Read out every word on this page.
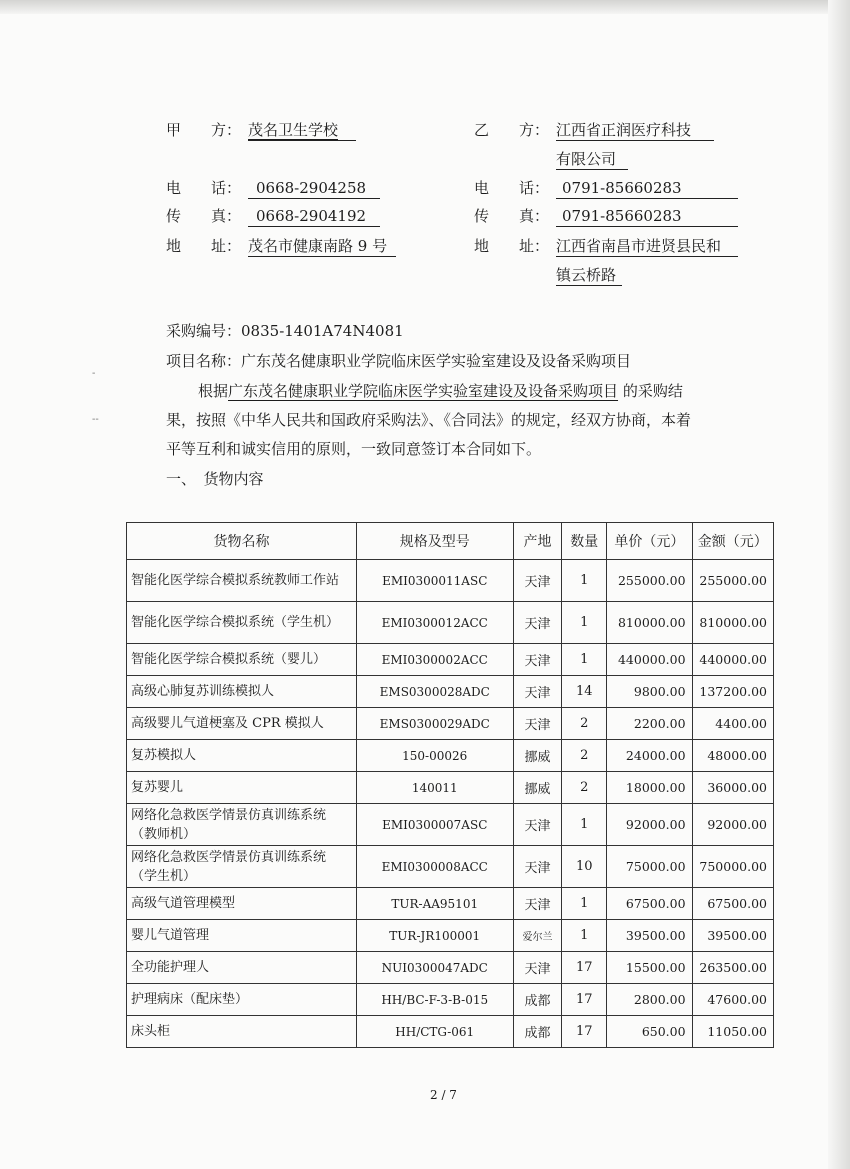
-
--
甲　　方： 茂名卫生学校
电　　话： 0668-2904258
传　　真： 0668-2904192
地　　址： 茂名市健康南路 9 号
乙　　方： 江西省正润医疗科技
有限公司
电　　话： 0791-85660283
传　　真： 0791-85660283
地　　址： 江西省南昌市进贤县民和
镇云桥路
采购编号：0835-1401A74N4081
项目名称：广东茂名健康职业学院临床医学实验室建设及设备采购项目
根据广东茂名健康职业学院临床医学实验室建设及设备采购项目 的采购结
果，按照《中华人民共和国政府采购法》、《合同法》的规定，经双方协商，本着
平等互利和诚实信用的原则，一致同意签订本合同如下。
一、　货物内容
货物名称	规格及型号	产地	数量	单价（元）	金额（元）
智能化医学综合模拟系统教师工作站	EMI0300011ASC	天津	1	255000.00	255000.00
智能化医学综合模拟系统（学生机）	EMI0300012ACC	天津	1	810000.00	810000.00
智能化医学综合模拟系统（婴儿）	EMI0300002ACC	天津	1	440000.00	440000.00
高级心肺复苏训练模拟人	EMS0300028ADC	天津	14	9800.00	137200.00
高级婴儿气道梗塞及 CPR 模拟人	EMS0300029ADC	天津	2	2200.00	4400.00
复苏模拟人	150-00026	挪威	2	24000.00	48000.00
复苏婴儿	140011	挪威	2	18000.00	36000.00
网络化急救医学情景仿真训练系统（教师机）	EMI0300007ASC	天津	1	92000.00	92000.00
网络化急救医学情景仿真训练系统（学生机）	EMI0300008ACC	天津	10	75000.00	750000.00
高级气道管理模型	TUR-AA95101	天津	1	67500.00	67500.00
婴儿气道管理	TUR-JR100001	爱尔兰	1	39500.00	39500.00
全功能护理人	NUI0300047ADC	天津	17	15500.00	263500.00
护理病床（配床垫）	HH/BC-F-3-B-015	成都	17	2800.00	47600.00
床头柜	HH/CTG-061	成都	17	650.00	11050.00
2 / 7
